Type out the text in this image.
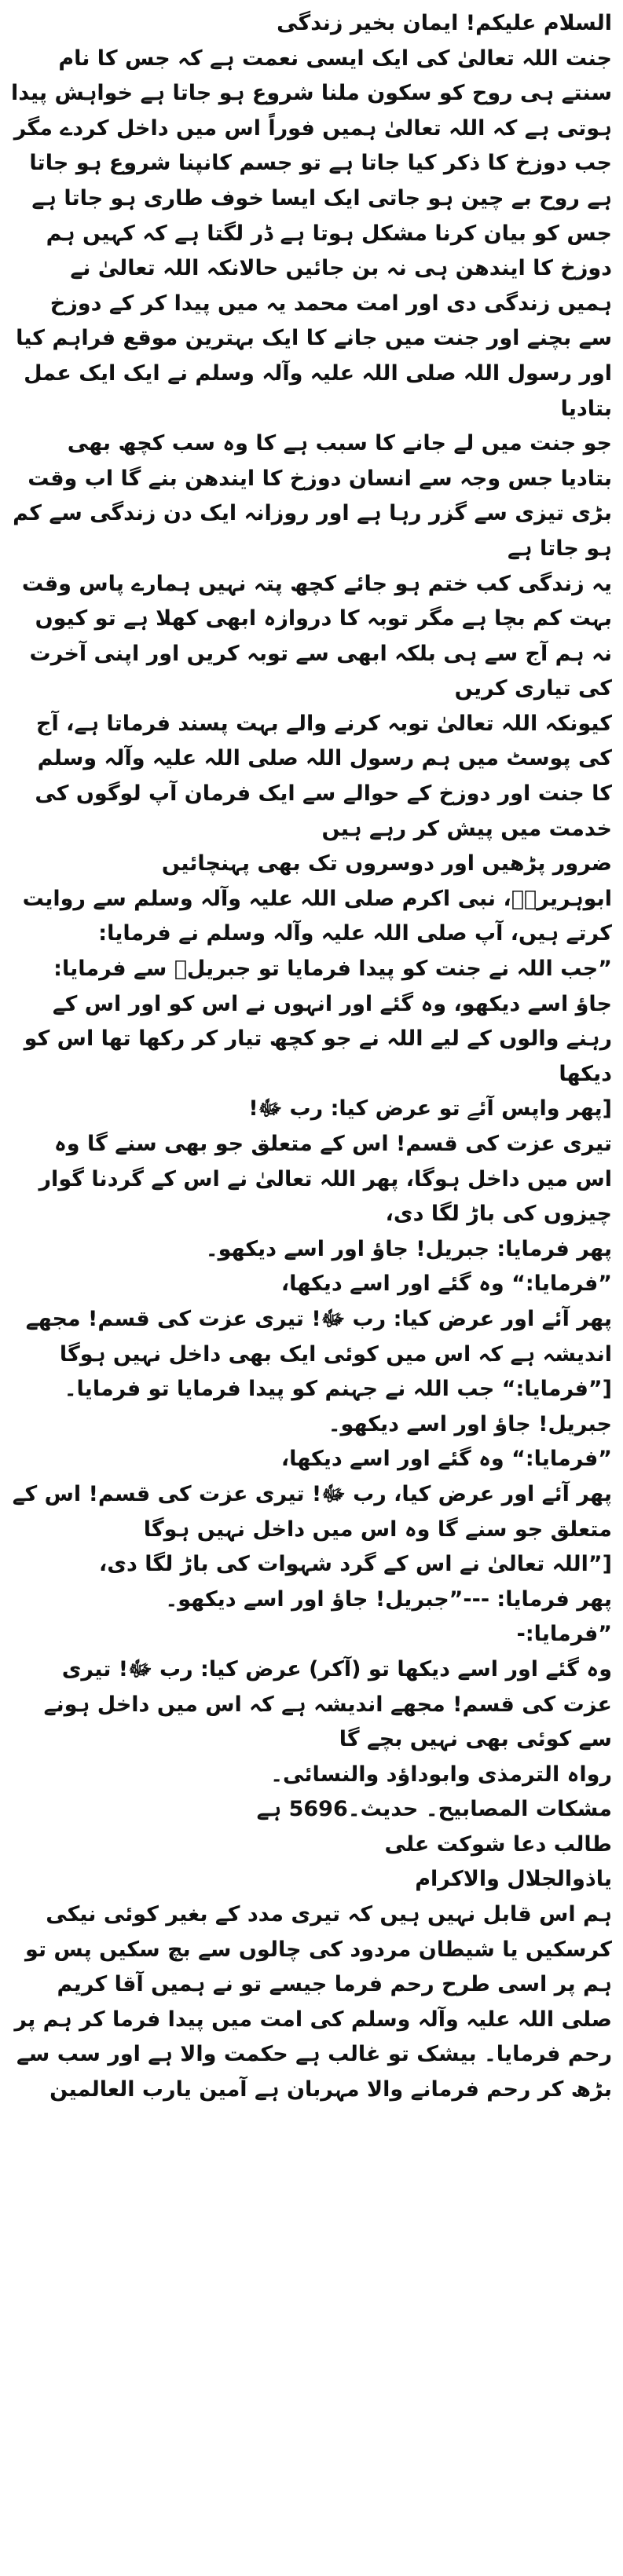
السلام علیکم! ایمان بخیر زندگی

جنت اللہ تعالیٰ کی ایک ایسی نعمت ہے کہ جس کا نام سنتے ہی روح کو سکون ملنا شروع ہو جاتا ہے خواہش پیدا ہوتی ہے کہ اللہ تعالیٰ ہمیں فوراً اس میں داخل کردے مگر جب دوزخ کا ذکر کیا جاتا ہے تو جسم کانپنا شروع ہو جاتا ہے روح بے چین ہو جاتی ایک ایسا خوف طاری ہو جاتا ہے

جس کو بیان کرنا مشکل ہوتا ہے ڈر لگتا ہے کہ کہیں ہم دوزخ کا ایندھن ہی نہ بن جائیں حالانکہ اللہ تعالیٰ نے ہمیں زندگی دی اور امت محمد یہ میں پیدا کر کے دوزخ سے بچنے اور جنت میں جانے کا ایک بہترین موقع فراہم کیا اور رسول اللہ صلی اللہ علیہ وآلہ وسلم نے ایک ایک عمل بتادیا

جو جنت میں لے جانے کا سبب ہے کا وہ سب کچھ بھی بتادیا جس وجہ سے انسان دوزخ کا ایندھن بنے گا اب وقت بڑی تیزی سے گزر رہا ہے اور روزانہ ایک دن زندگی سے کم ہو جاتا ہے

یہ زندگی کب ختم ہو جائے کچھ پتہ نہیں ہمارے پاس وقت بہت کم بچا ہے مگر توبہ کا دروازہ ابھی کھلا ہے تو کیوں نہ ہم آج سے ہی بلکہ ابھی سے توبہ کریں اور اپنی آخرت کی تیاری کریں

کیونکہ اللہ تعالیٰ توبہ کرنے والے بہت پسند فرماتا ہے، آج کی پوسٹ میں ہم رسول اللہ صلی اللہ علیہ وآلہ وسلم کا جنت اور دوزخ کے حوالے سے ایک فرمان آپ لوگوں کی خدمت میں پیش کر رہے ہیں

ضرور پڑھیں اور دوسروں تک بھی پہنچائیں

ابوہریرہؓ، نبی اکرم صلی اللہ علیہ وآلہ وسلم سے روایت کرتے ہیں، آپ صلی اللہ علیہ وآلہ وسلم نے فرمایا:

”جب اللہ نے جنت کو پیدا فرمایا تو جبریلؑ سے فرمایا: جاؤ اسے دیکھو، وہ گئے اور انہوں نے اس کو اور اس کے رہنے والوں کے لیے اللہ نے جو کچھ تیار کر رکھا تھا اس کو دیکھا

[پھر واپس آئے تو عرض کیا: رب ﷻ!

تیری عزت کی قسم! اس کے متعلق جو بھی سنے گا وہ اس میں داخل ہوگا، پھر اللہ تعالیٰ نے اس کے گردنا گوار چیزوں کی باڑ لگا دی،

پھر فرمایا: جبریل! جاؤ اور اسے دیکھو۔

”فرمایا:“ وہ گئے اور اسے دیکھا،

پھر آئے اور عرض کیا: رب ﷻ! تیری عزت کی قسم! مجھے اندیشہ ہے کہ اس میں کوئی ایک بھی داخل نہیں ہوگا

[”فرمایا:“ جب اللہ نے جہنم کو پیدا فرمایا تو فرمایا۔ جبریل! جاؤ اور اسے دیکھو۔

”فرمایا:“ وہ گئے اور اسے دیکھا،

پھر آئے اور عرض کیا، رب ﷻ! تیری عزت کی قسم! اس کے متعلق جو سنے گا وہ اس میں داخل نہیں ہوگا

[”اللہ تعالیٰ نے اس کے گرد شہوات کی باڑ لگا دی،

پھر فرمایا: ---”جبریل! جاؤ اور اسے دیکھو۔

”فرمایا:-

وہ گئے اور اسے دیکھا تو (آکر) عرض کیا: رب ﷻ! تیری عزت کی قسم! مجھے اندیشہ ہے کہ اس میں داخل ہونے سے کوئی بھی نہیں بچے گا

رواہ الترمذی وابوداؤد والنسائی۔

مشکات المصابیح۔ حدیث۔5696 ہے

طالب دعا شوکت علی

یاذوالجلال والاکرام

ہم اس قابل نہیں ہیں کہ تیری مدد کے بغیر کوئی نیکی کرسکیں یا شیطان مردود کی چالوں سے بچ سکیں پس تو ہم پر اسی طرح رحم فرما جیسے تو نے ہمیں آقا کریم صلی اللہ علیہ وآلہ وسلم کی امت میں پیدا فرما کر ہم پر رحم فرمایا۔ بیشک تو غالب ہے حکمت والا ہے اور سب سے بڑھ کر رحم فرمانے والا مہربان ہے آمین یارب العالمین
